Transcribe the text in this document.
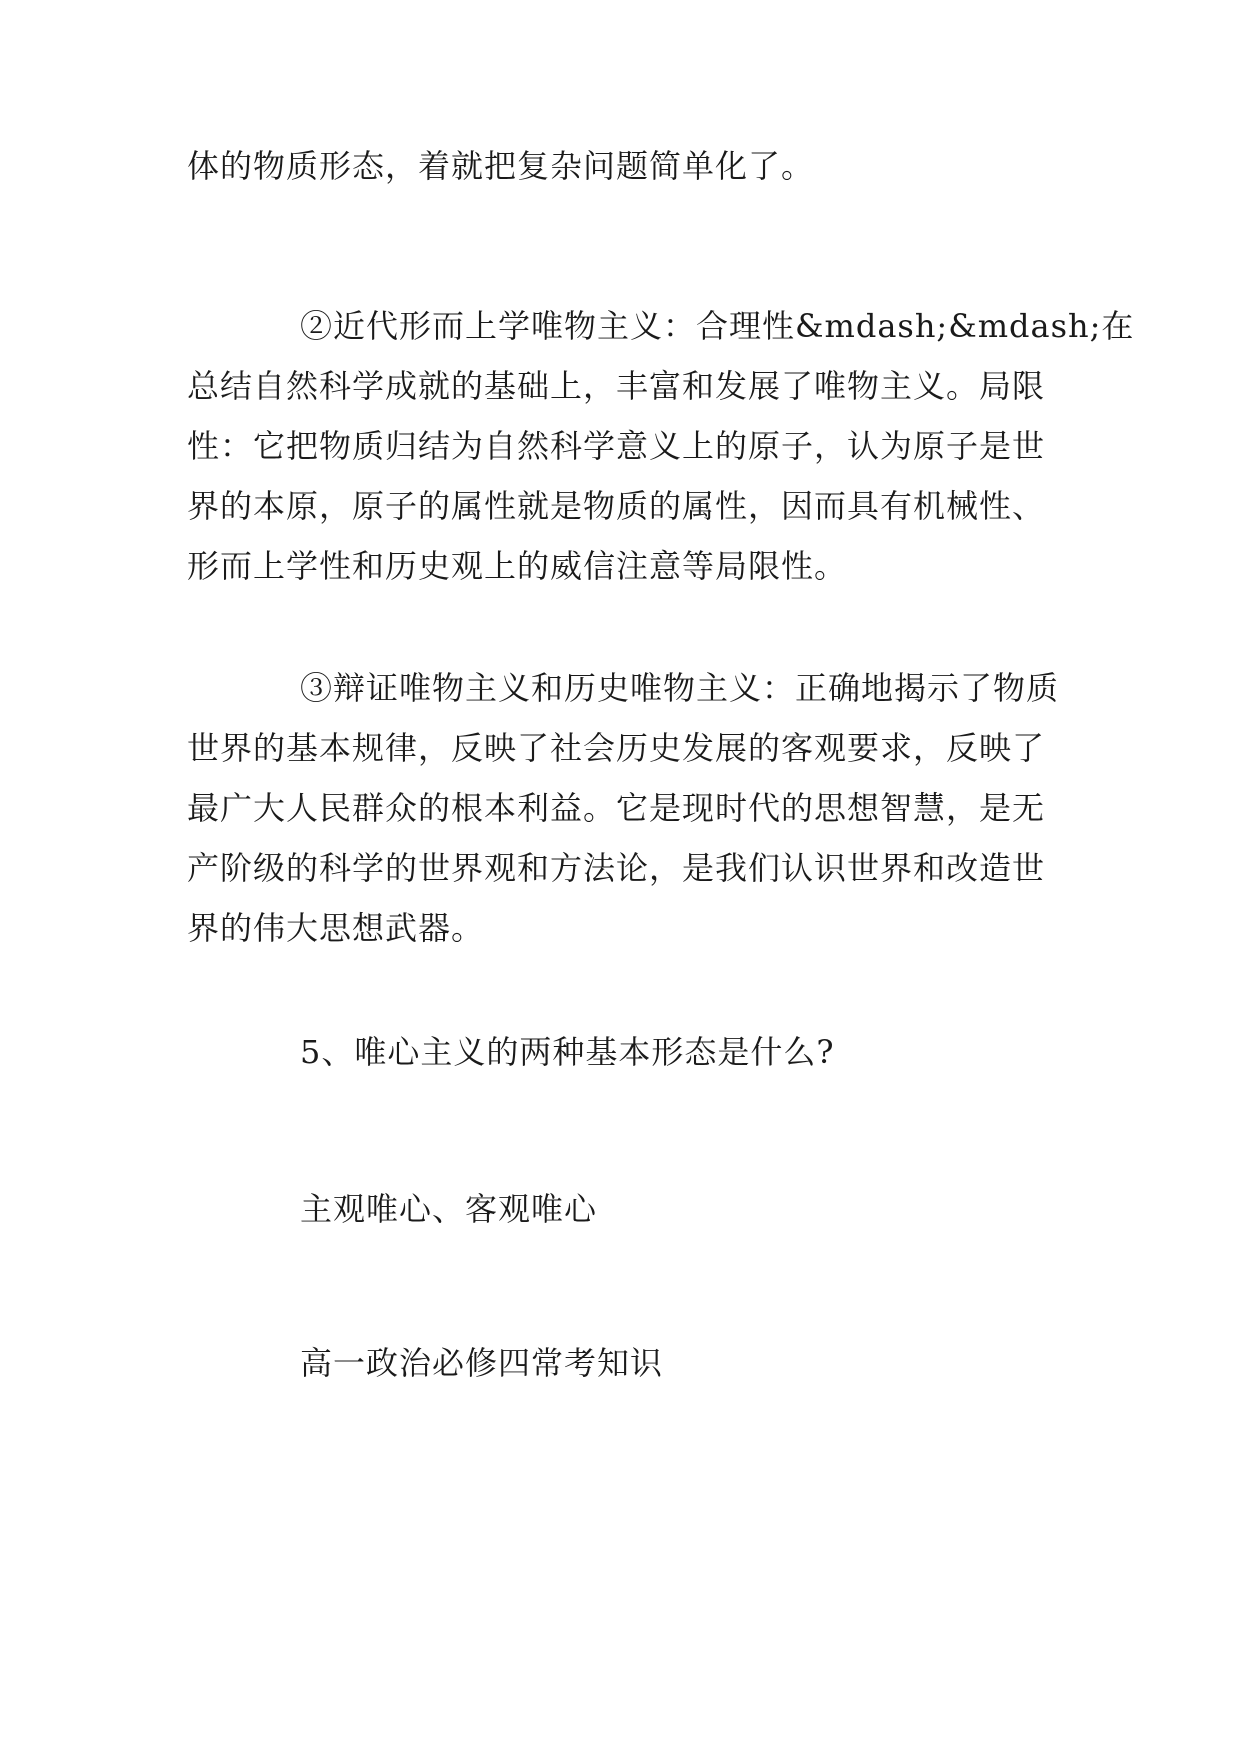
体的物质形态，着就把复杂问题简单化了。
②近代形而上学唯物主义：合理性&mdash;&mdash;在
总结自然科学成就的基础上，丰富和发展了唯物主义。局限
性：它把物质归结为自然科学意义上的原子，认为原子是世
界的本原，原子的属性就是物质的属性，因而具有机械性、
形而上学性和历史观上的威信注意等局限性。
③辩证唯物主义和历史唯物主义：正确地揭示了物质
世界的基本规律，反映了社会历史发展的客观要求，反映了
最广大人民群众的根本利益。它是现时代的思想智慧，是无
产阶级的科学的世界观和方法论，是我们认识世界和改造世
界的伟大思想武器。
5、唯心主义的两种基本形态是什么?
主观唯心、客观唯心
高一政治必修四常考知识
